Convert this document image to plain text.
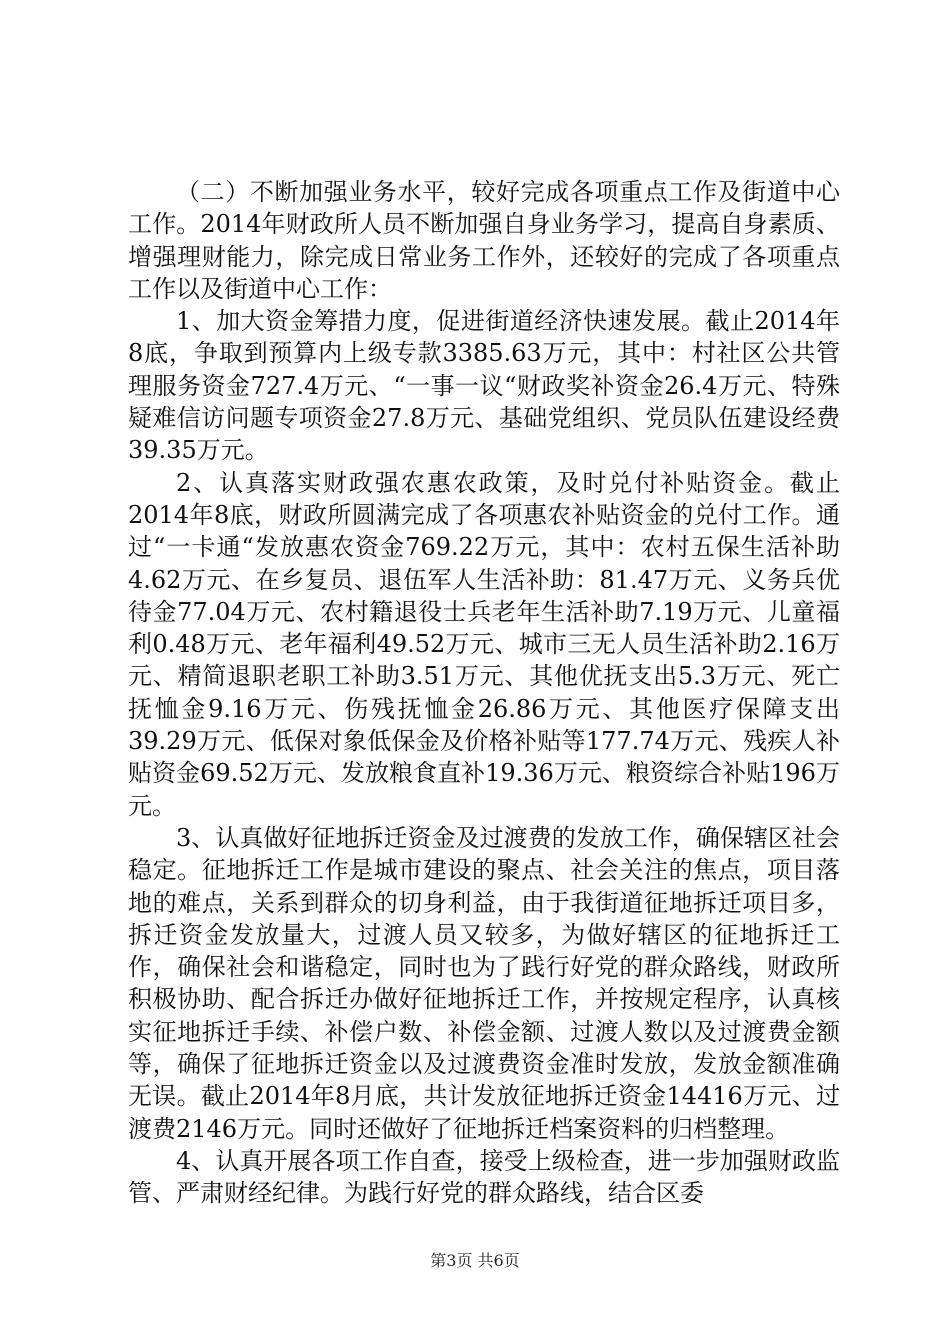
（二）不断加强业务水平，较好完成各项重点工作及街道中心工作。2014年财政所人员不断加强自身业务学习，提高自身素质、增强理财能力，除完成日常业务工作外，还较好的完成了各项重点工作以及街道中心工作：

1、加大资金筹措力度，促进街道经济快速发展。截止2014年8底，争取到预算内上级专款3385.63万元，其中：村社区公共管理服务资金727.4万元、“一事一议“财政奖补资金26.4万元、特殊疑难信访问题专项资金27.8万元、基础党组织、党员队伍建设经费39.35万元。

2、认真落实财政强农惠农政策，及时兑付补贴资金。截止2014年8底，财政所圆满完成了各项惠农补贴资金的兑付工作。通过“一卡通“发放惠农资金769.22万元，其中：农村五保生活补助4.62万元、在乡复员、退伍军人生活补助：81.47万元、义务兵优待金77.04万元、农村籍退役士兵老年生活补助7.19万元、儿童福利0.48万元、老年福利49.52万元、城市三无人员生活补助2.16万元、精简退职老职工补助3.51万元、其他优抚支出5.3万元、死亡抚恤金9.16万元、伤残抚恤金26.86万元、其他医疗保障支出39.29万元、低保对象低保金及价格补贴等177.74万元、残疾人补贴资金69.52万元、发放粮食直补19.36万元、粮资综合补贴196万元。

3、认真做好征地拆迁资金及过渡费的发放工作，确保辖区社会稳定。征地拆迁工作是城市建设的聚点、社会关注的焦点，项目落地的难点，关系到群众的切身利益，由于我街道征地拆迁项目多，拆迁资金发放量大，过渡人员又较多，为做好辖区的征地拆迁工作，确保社会和谐稳定，同时也为了践行好党的群众路线，财政所积极协助、配合拆迁办做好征地拆迁工作，并按规定程序，认真核实征地拆迁手续、补偿户数、补偿金额、过渡人数以及过渡费金额等，确保了征地拆迁资金以及过渡费资金准时发放，发放金额准确无误。截止2014年8月底，共计发放征地拆迁资金14416万元、过渡费2146万元。同时还做好了征地拆迁档案资料的归档整理。

4、认真开展各项工作自查，接受上级检查，进一步加强财政监管、严肃财经纪律。为践行好党的群众路线，结合区委

第3页 共6页
